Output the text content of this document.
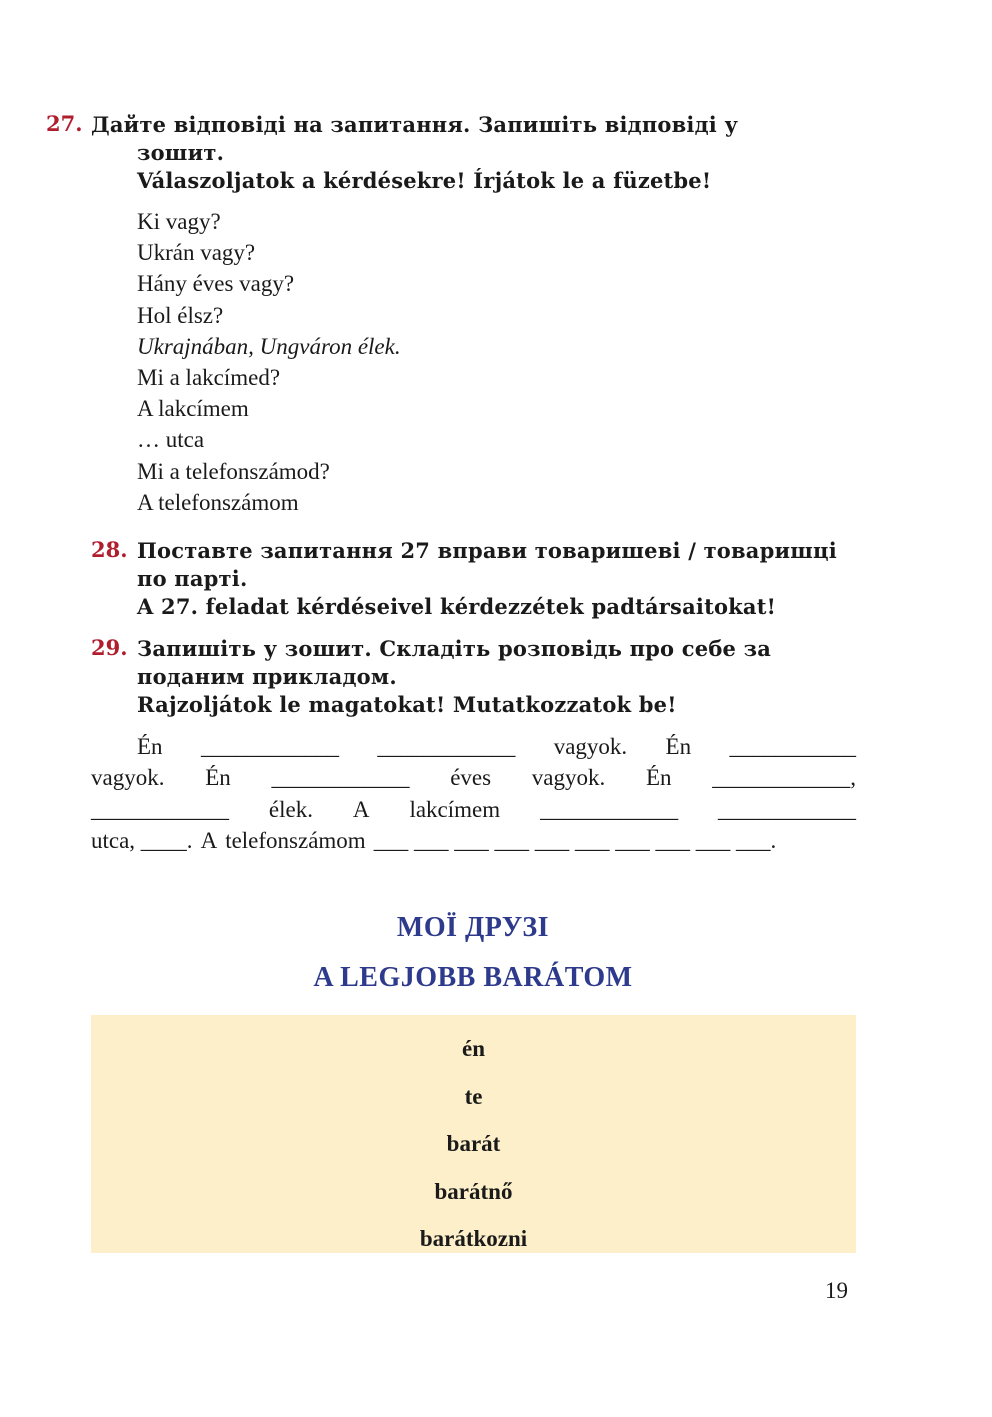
27. Дайте відповіді на запитання. Запишіть відповіді у
зошит.
Válaszoljatok a kérdésekre! Írjátok le a füzetbe!
Ki vagy?
Ukrán vagy?
Hány éves vagy?
Hol élsz?
Ukrajnában, Ungváron élek.
Mi a lakcímed?
A lakcímem
… utca
Mi a telefonszámod?
A telefonszámom
28. Поставте запитання 27 вправи товаришеві / товаришці
по парті.
A 27. feladat kérdéseivel kérdezzétek padtársaitokat!
29. Запишіть у зошит. Складіть розповідь про себе за
поданим прикладом.
Rajzoljátok le magatokat! Mutatkozzatok be!
Én ____________ ____________ vagyok. Én ___________
vagyok. Én ____________ éves vagyok. Én ____________,
____________ élek. A lakcímem ____________ ____________
utca, ____. A telefonszámom ___ ___ ___ ___ ___ ___ ___ ___ ___ ___.
МОЇ ДРУЗІ
A LEGJOBB BARÁTOM
én
te
barát
barátnő
barátkozni
19
